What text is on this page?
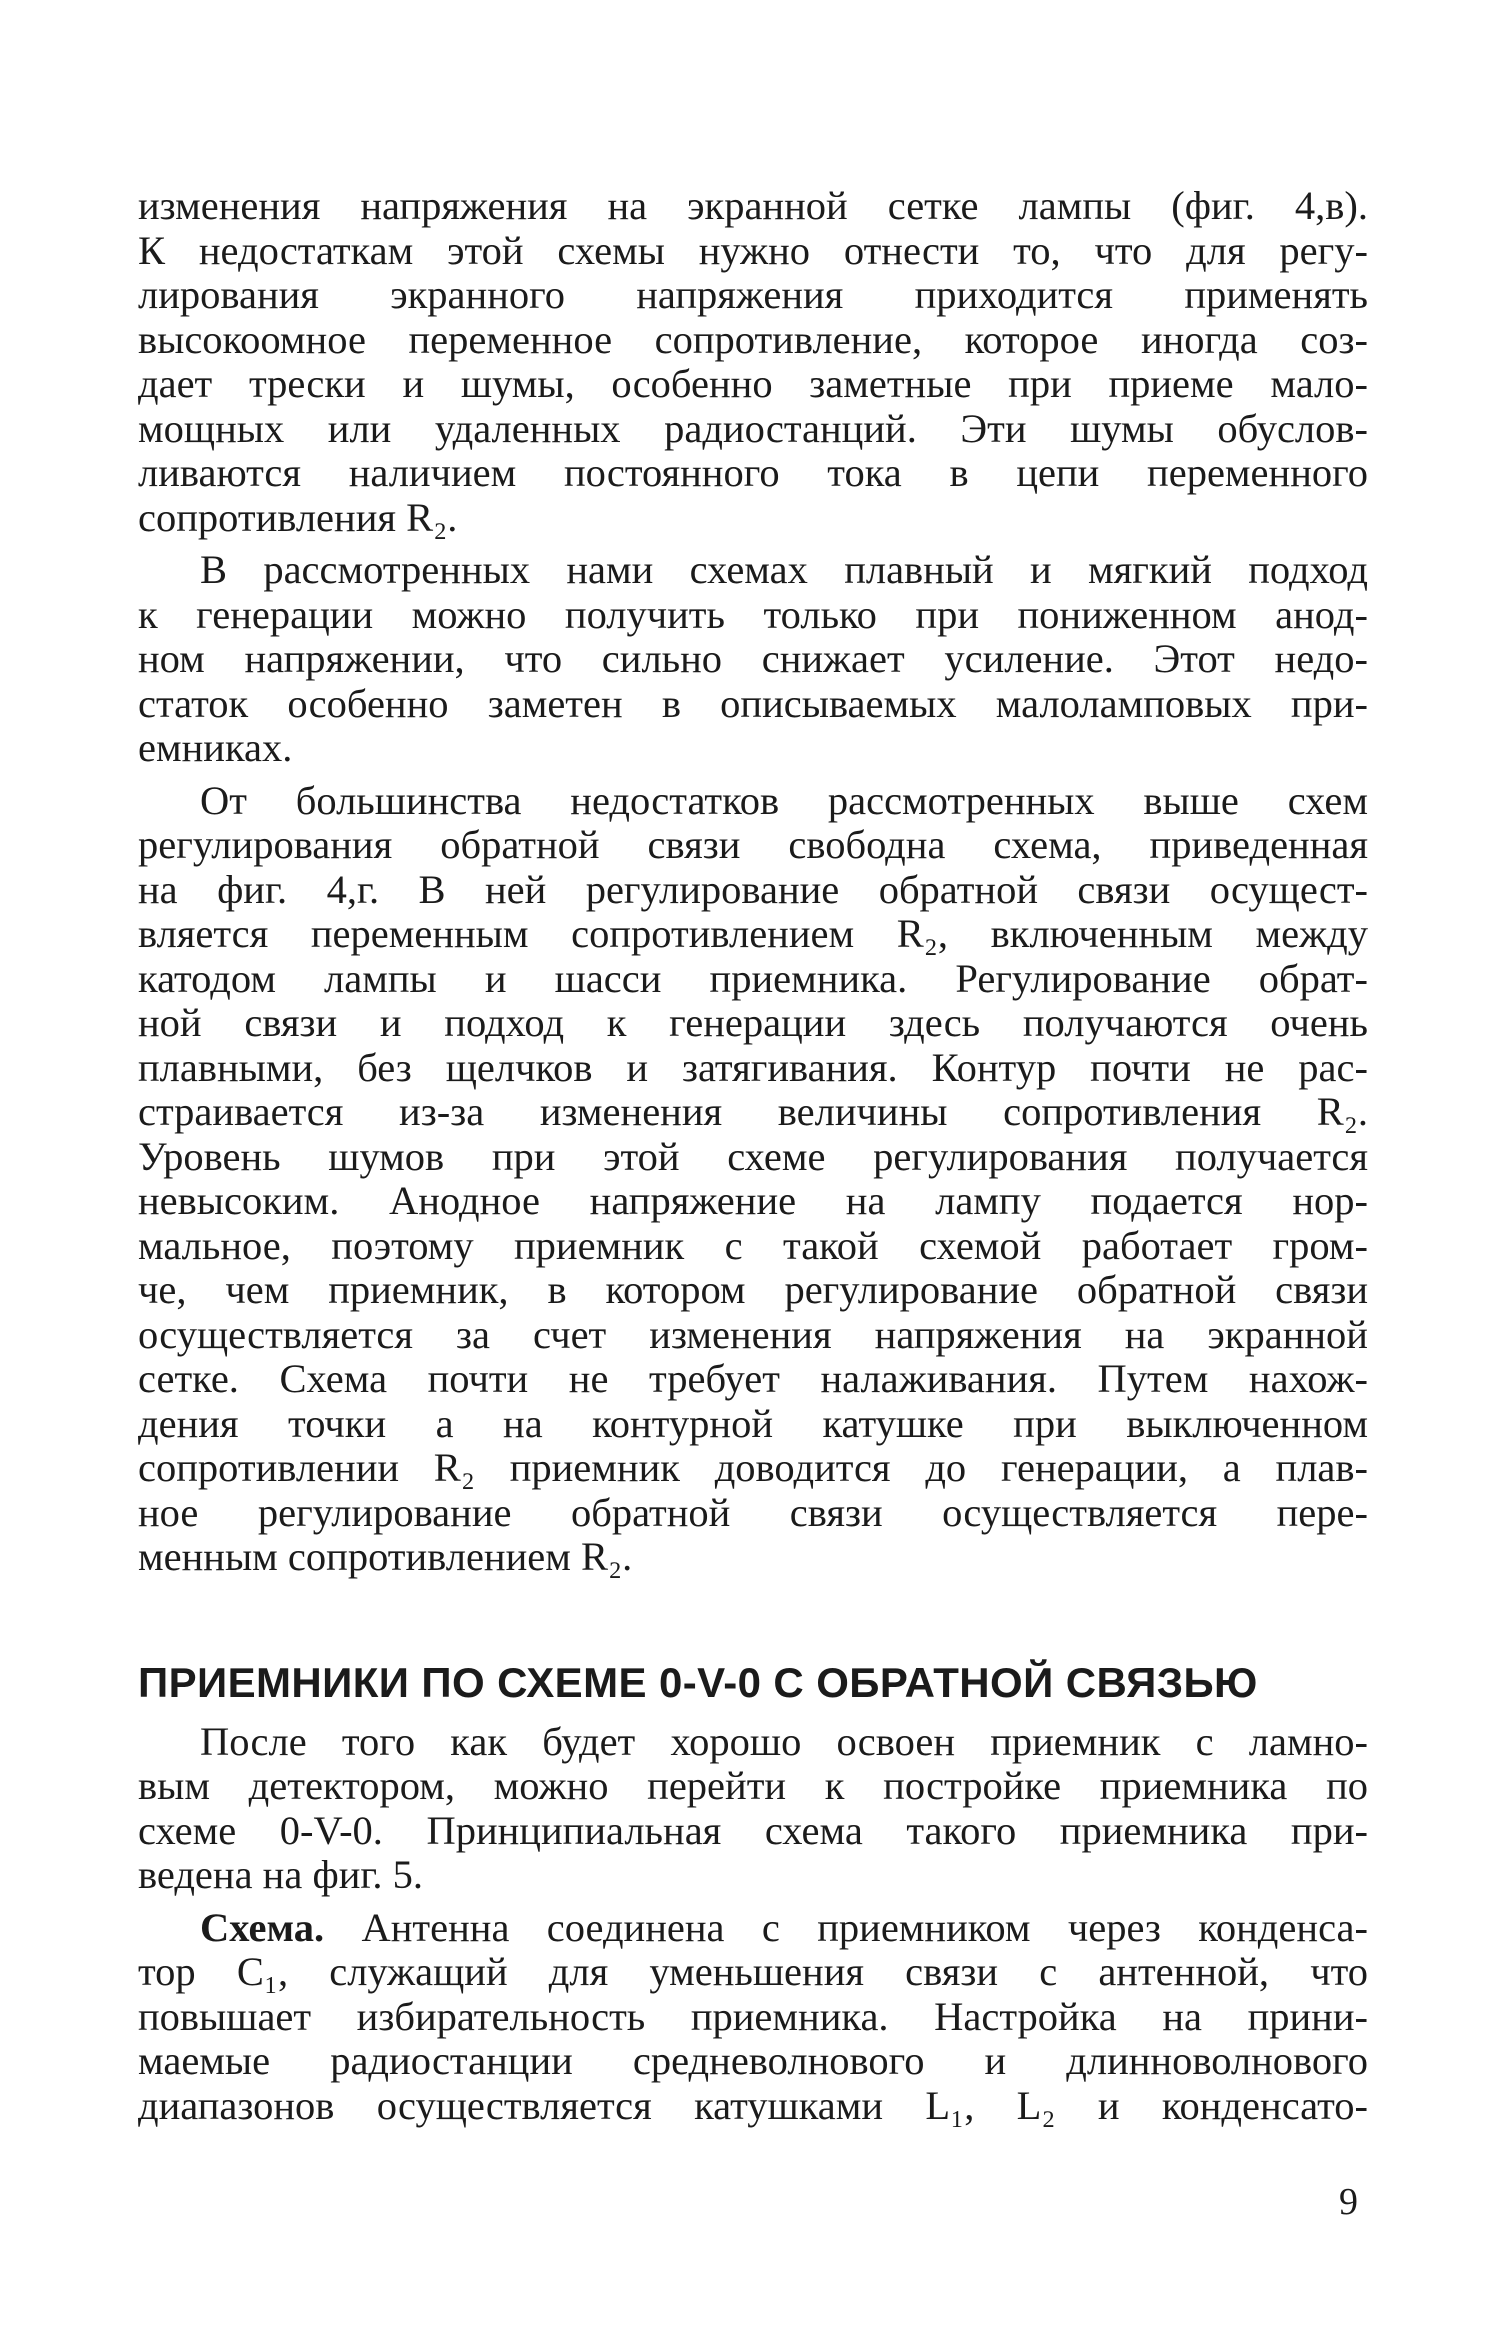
изменения напряжения на экранной сетке лампы (фиг. 4,в).
К недостаткам этой схемы нужно отнести то, что для регу-
лирования экранного напряжения приходится применять
высокоомное переменное сопротивление, которое иногда соз-
дает трески и шумы, особенно заметные при приеме мало-
мощных или удаленных радиостанций. Эти шумы обуслов-
ливаются наличием постоянного тока в цепи переменного
сопротивления R₂.

В рассмотренных нами схемах плавный и мягкий подход
к генерации можно получить только при пониженном анод-
ном напряжении, что сильно снижает усиление. Этот недо-
статок особенно заметен в описываемых малоламповых при-
емниках.

От большинства недостатков рассмотренных выше схем
регулирования обратной связи свободна схема, приведенная
на фиг. 4,г. В ней регулирование обратной связи осущест-
вляется переменным сопротивлением R₂, включенным между
катодом лампы и шасси приемника. Регулирование обрат-
ной связи и подход к генерации здесь получаются очень
плавными, без щелчков и затягивания. Контур почти не рас-
страивается из-за изменения величины сопротивления R₂.
Уровень шумов при этой схеме регулирования получается
невысоким. Анодное напряжение на лампу подается нор-
мальное, поэтому приемник с такой схемой работает гром-
че, чем приемник, в котором регулирование обратной связи
осуществляется за счет изменения напряжения на экранной
сетке. Схема почти не требует налаживания. Путем нахож-
дения точки а на контурной катушке при выключенном
сопротивлении R₂ приемник доводится до генерации, а плав-
ное регулирование обратной связи осуществляется пере-
менным сопротивлением R₂.

ПРИЕМНИКИ ПО СХЕМЕ 0-V-0 С ОБРАТНОЙ СВЯЗЬЮ

После того как будет хорошо освоен приемник с ламно-
вым детектором, можно перейти к постройке приемника по
схеме 0-V-0. Принципиальная схема такого приемника при-
ведена на фиг. 5.

Схема. Антенна соединена с приемником через конденса-
тор C₁, служащий для уменьшения связи с антенной, что
повышает избирательность приемника. Настройка на прини-
маемые радиостанции средневолнового и длинноволнового
диапазонов осуществляется катушками L₁, L₂ и конденсато-

9
